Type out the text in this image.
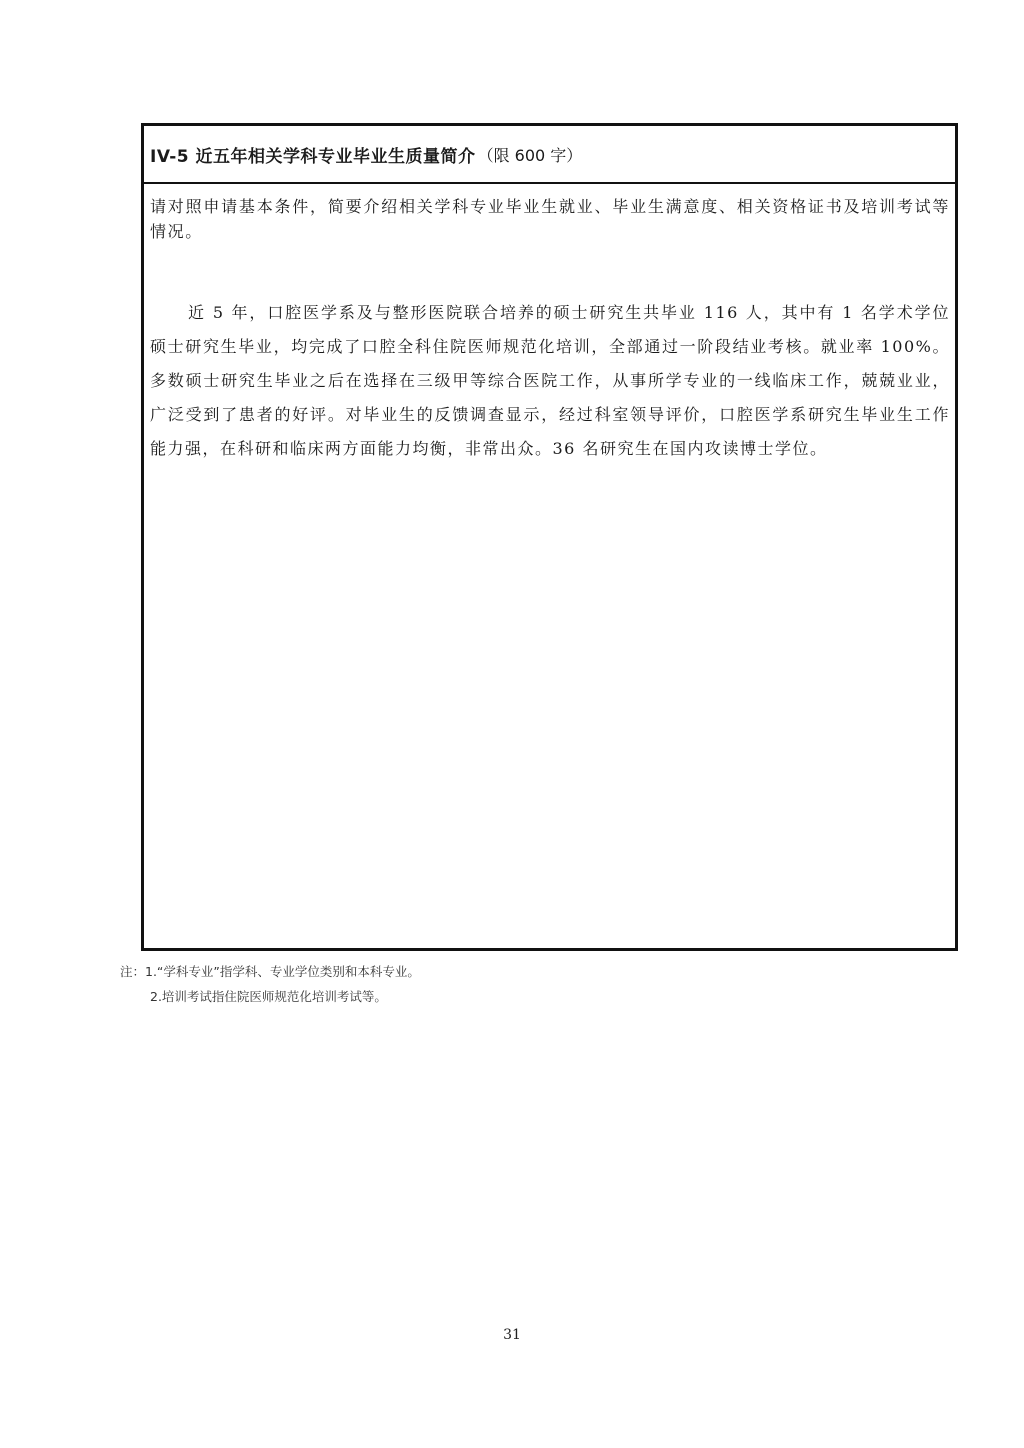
IV-5 近五年相关学科专业毕业生质量简介 （限 600 字）
请对照申请基本条件，简要介绍相关学科专业毕业生就业、毕业生满意度、相关资格证书及培训考试等情况。

近 5 年，口腔医学系及与整形医院联合培养的硕士研究生共毕业 116 人，其中有 1 名学术学位硕士研究生毕业，均完成了口腔全科住院医师规范化培训，全部通过一阶段结业考核。就业率 100%。多数硕士研究生毕业之后在选择在三级甲等综合医院工作，从事所学专业的一线临床工作，兢兢业业，广泛受到了患者的好评。对毕业生的反馈调查显示，经过科室领导评价，口腔医学系研究生毕业生工作能力强，在科研和临床两方面能力均衡，非常出众。36 名研究生在国内攻读博士学位。

注：1.“学科专业”指学科、专业学位类别和本科专业。
2.培训考试指住院医师规范化培训考试等。
31
